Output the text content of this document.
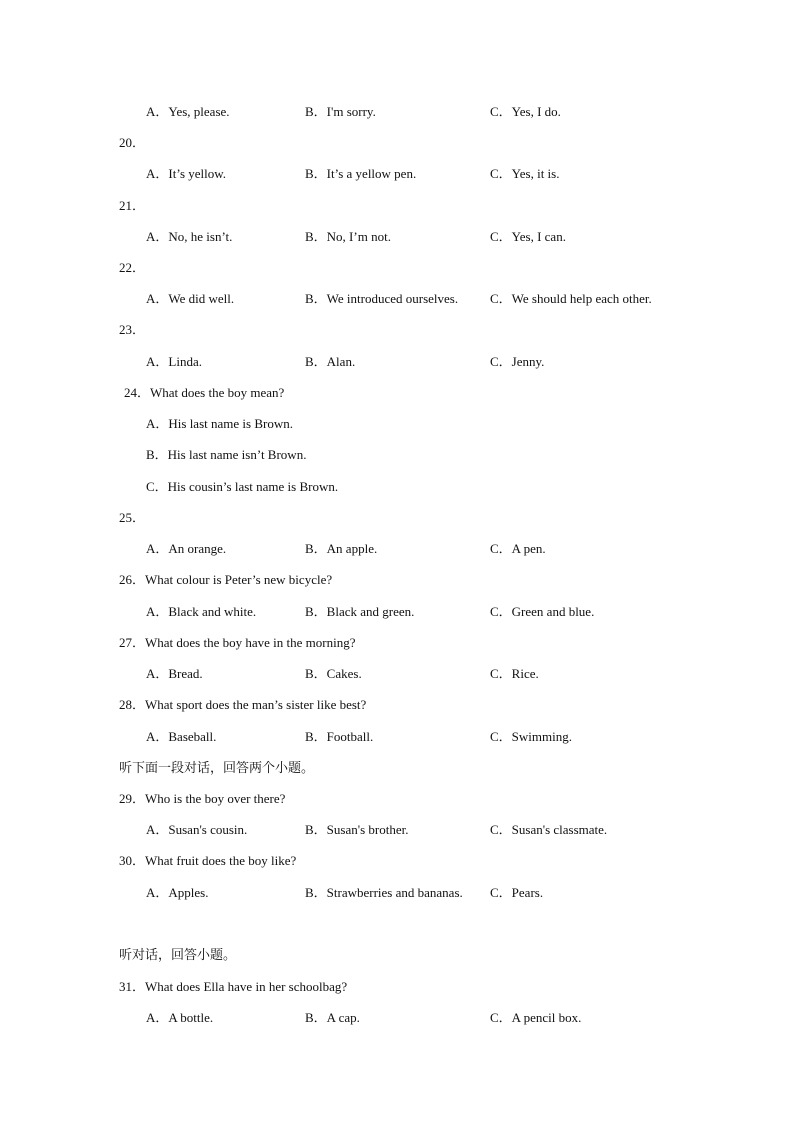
A．Yes, please.	B．I'm sorry.	C．Yes, I do.
20．
A．It’s yellow.	B．It’s a yellow pen.	C．Yes, it is.
21．
A．No, he isn’t.	B．No, I’m not.	C．Yes, I can.
22．
A．We did well.	B．We introduced ourselves. C．We should help each other.
23．
A．Linda.	B．Alan.	C．Jenny.
24．What does the boy mean?
A．His last name is Brown.
B．His last name isn’t Brown.
C．His cousin’s last name is Brown.
25．
A．An orange.	B．An apple.	C．A pen.
26．What colour is Peter’s new bicycle?
A．Black and white.	B．Black and green.	C．Green and blue.
27．What does the boy have in the morning?
A．Bread.	B．Cakes.	C．Rice.
28．What sport does the man’s sister like best?
A．Baseball.	B．Football.	C．Swimming.
听下面一段对话，回答两个小题。
29．Who is the boy over there?
A．Susan's cousin.	B．Susan's brother.	C．Susan's classmate.
30．What fruit does the boy like?
A．Apples.	B．Strawberries and bananas. C．Pears.
听对话，回答小题。
31．What does Ella have in her schoolbag?
A．A bottle.	B．A cap.	C．A pencil box.
